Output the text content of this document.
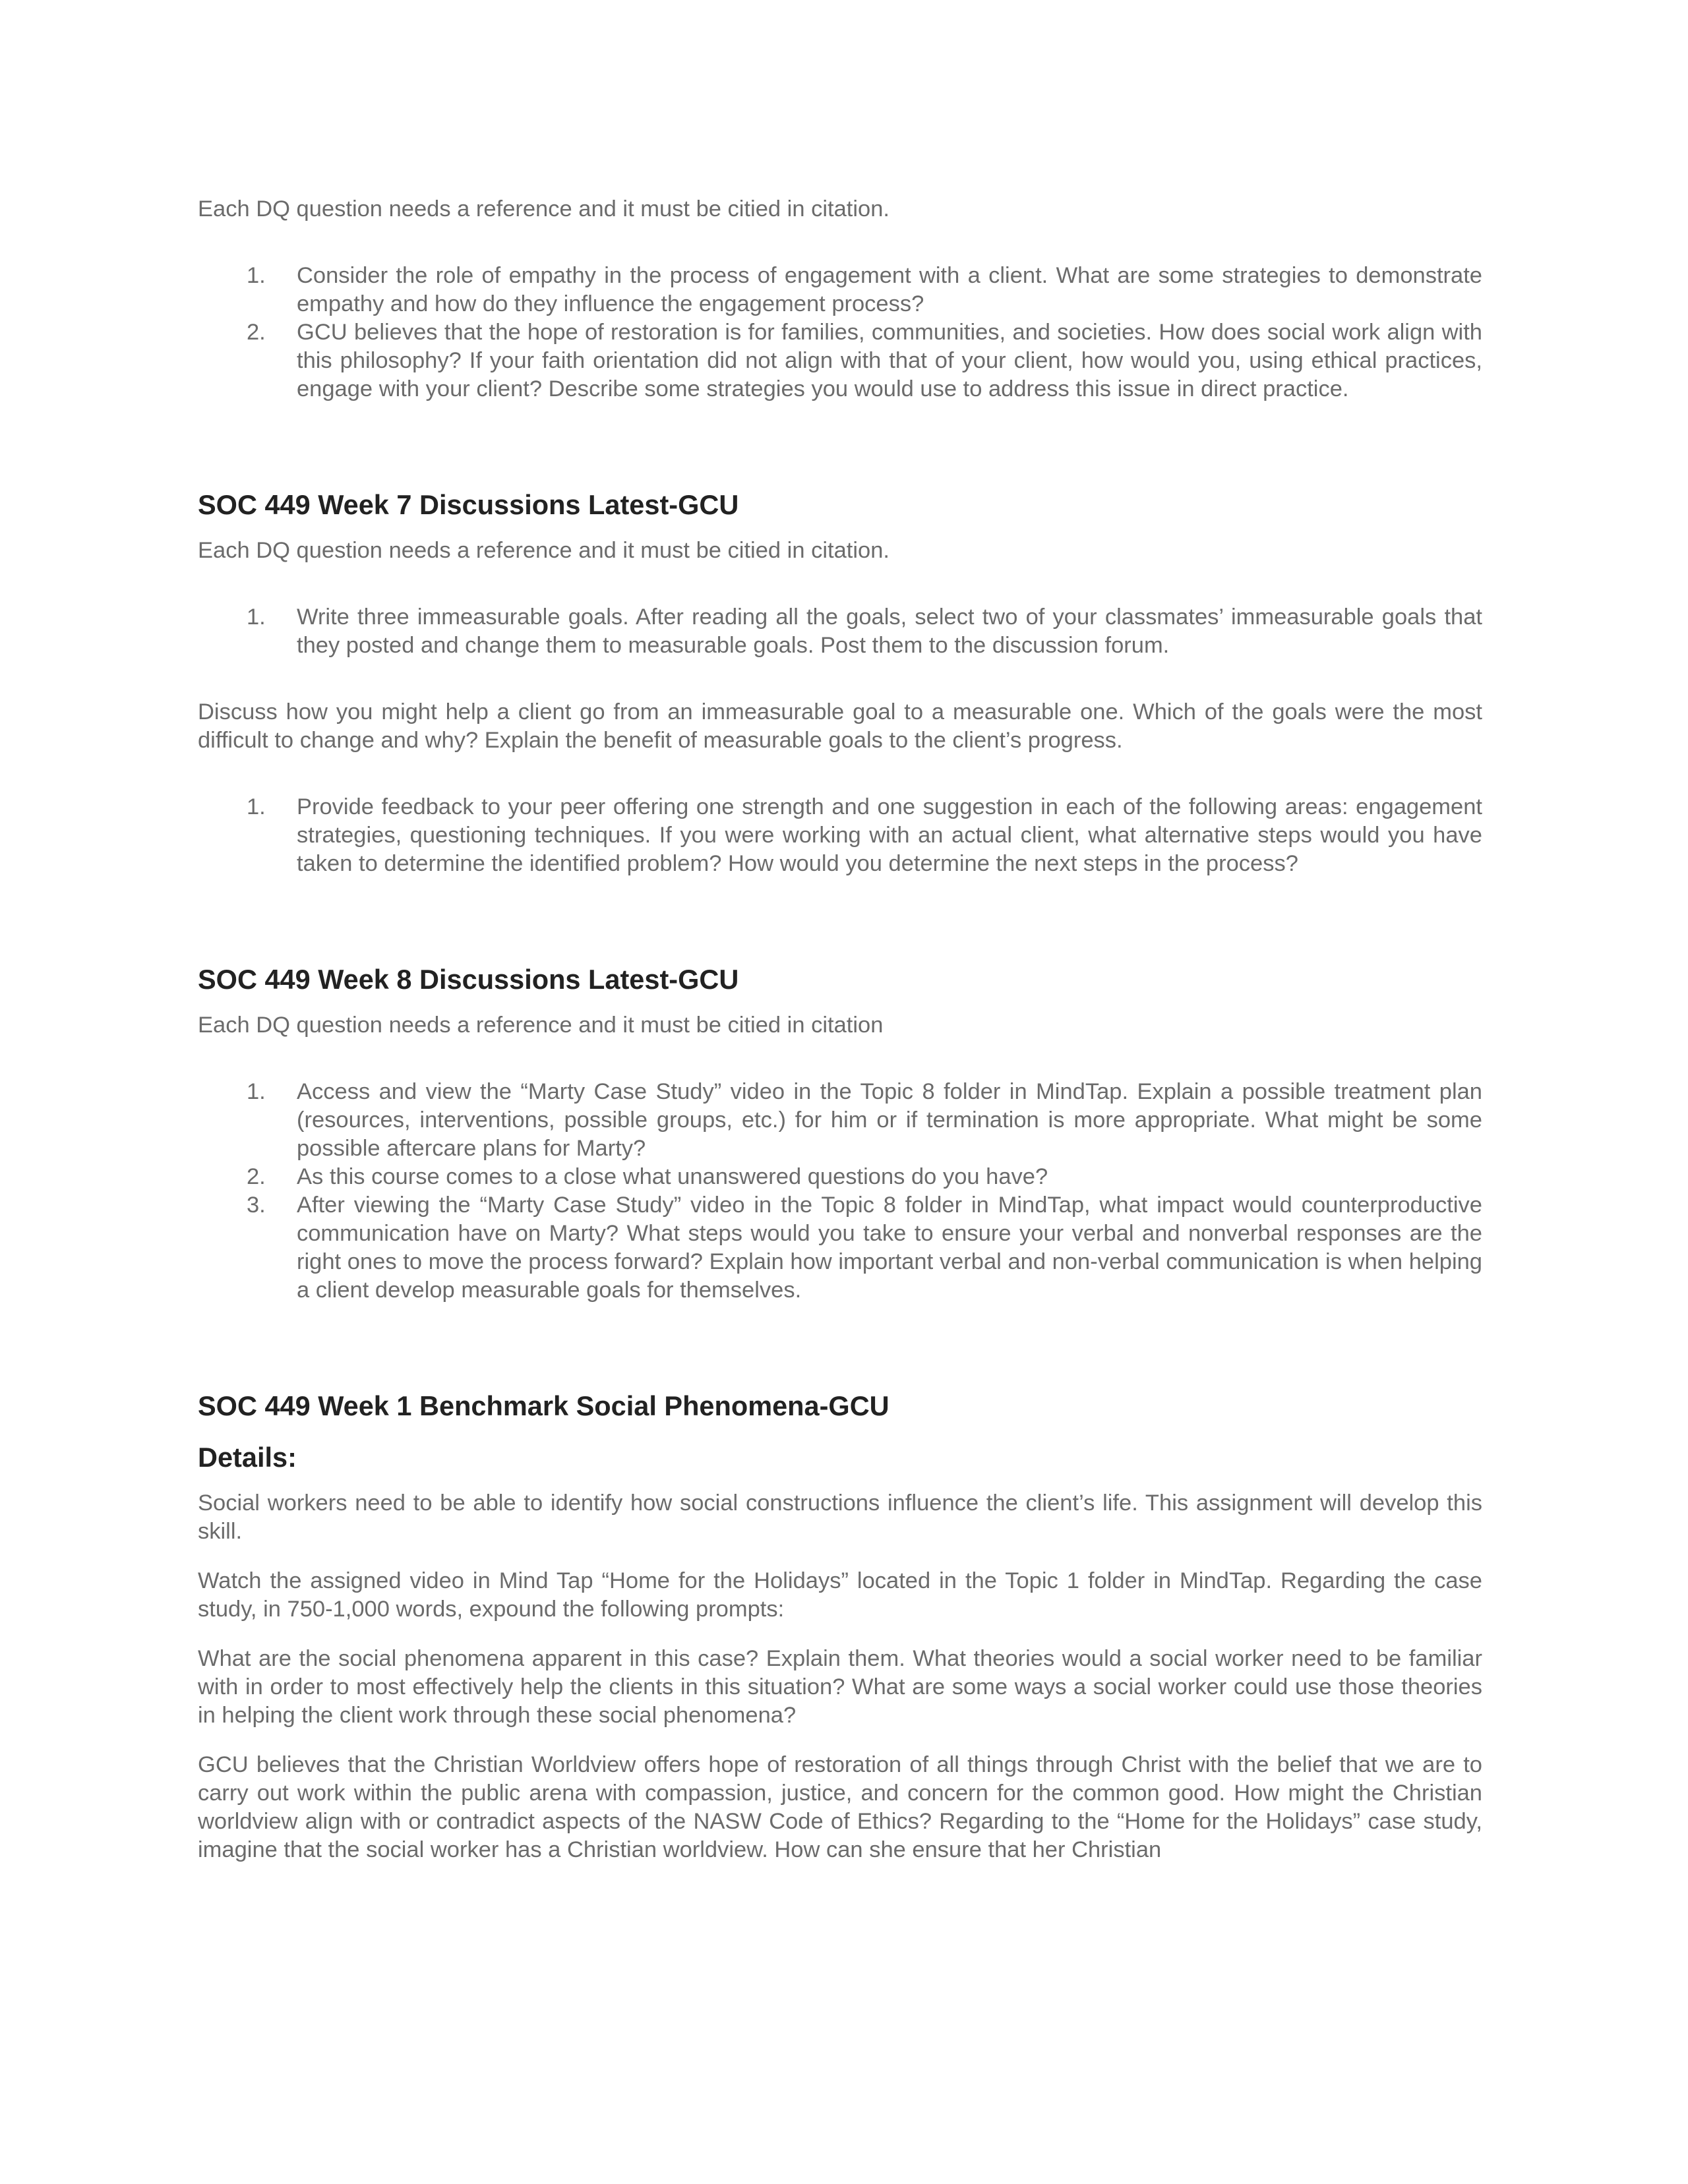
Each DQ question needs a reference and it must be citied in citation.

1. Consider the role of empathy in the process of engagement with a client. What are some strategies to demonstrate empathy and how do they influence the engagement process?
2. GCU believes that the hope of restoration is for families, communities, and societies. How does social work align with this philosophy? If your faith orientation did not align with that of your client, how would you, using ethical practices, engage with your client? Describe some strategies you would use to address this issue in direct practice.
SOC 449 Week 7 Discussions Latest-GCU

Each DQ question needs a reference and it must be citied in citation.

1. Write three immeasurable goals. After reading all the goals, select two of your classmates’ immeasurable goals that they posted and change them to measurable goals. Post them to the discussion forum.

Discuss how you might help a client go from an immeasurable goal to a measurable one. Which of the goals were the most difficult to change and why? Explain the benefit of measurable goals to the client’s progress.

1. Provide feedback to your peer offering one strength and one suggestion in each of the following areas: engagement strategies, questioning techniques. If you were working with an actual client, what alternative steps would you have taken to determine the identified problem? How would you determine the next steps in the process?
SOC 449 Week 8 Discussions Latest-GCU

Each DQ question needs a reference and it must be citied in citation

1. Access and view the “Marty Case Study” video in the Topic 8 folder in MindTap. Explain a possible treatment plan (resources, interventions, possible groups, etc.) for him or if termination is more appropriate. What might be some possible aftercare plans for Marty?
2. As this course comes to a close what unanswered questions do you have?
3. After viewing the “Marty Case Study” video in the Topic 8 folder in MindTap, what impact would counterproductive communication have on Marty? What steps would you take to ensure your verbal and nonverbal responses are the right ones to move the process forward? Explain how important verbal and non-verbal communication is when helping a client develop measurable goals for themselves.
SOC 449 Week 1 Benchmark Social Phenomena-GCU
Details:

Social workers need to be able to identify how social constructions influence the client’s life. This assignment will develop this skill.

Watch the assigned video in Mind Tap “Home for the Holidays” located in the Topic 1 folder in MindTap. Regarding the case study, in 750-1,000 words, expound the following prompts:

What are the social phenomena apparent in this case? Explain them. What theories would a social worker need to be familiar with in order to most effectively help the clients in this situation? What are some ways a social worker could use those theories in helping the client work through these social phenomena?

GCU believes that the Christian Worldview offers hope of restoration of all things through Christ with the belief that we are to carry out work within the public arena with compassion, justice, and concern for the common good. How might the Christian worldview align with or contradict aspects of the NASW Code of Ethics? Regarding to the “Home for the Holidays” case study, imagine that the social worker has a Christian worldview. How can she ensure that her Christian
